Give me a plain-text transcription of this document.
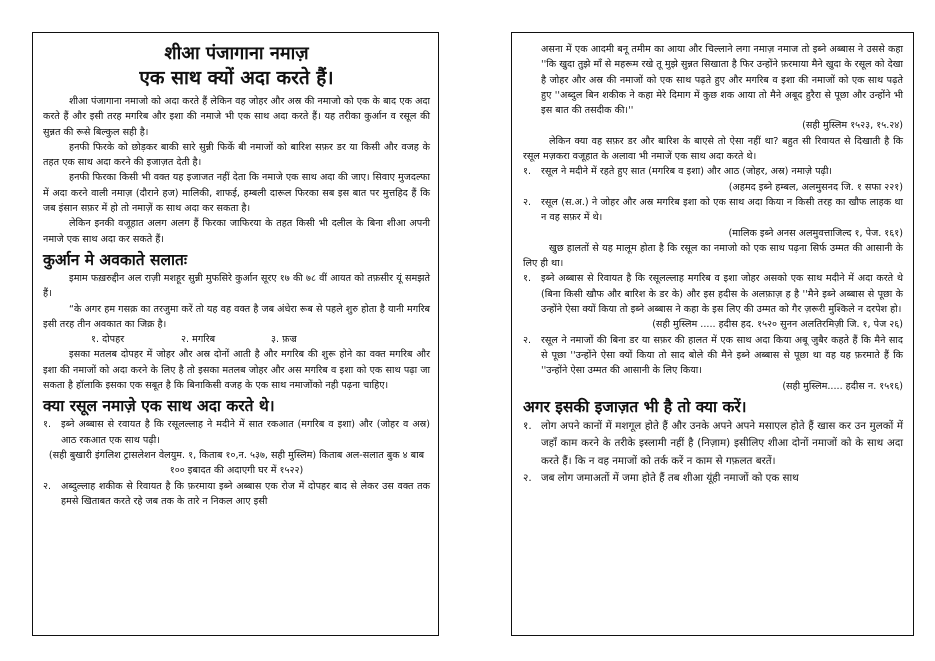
शीआ पंजागाना नमाज़

एक साथ क्यों अदा करते हैं।

शीआ पंजागाना नमाजो को अदा करते हैं लेकिन वह जोहर और अस्र की नमाजो को एक के बाद एक अदा करते हैं और इसी तरह मगरिब और इशा की नमाजे भी एक साथ अदा करते हैं। यह तरीका कुर्आन व रसूल की सुन्नत की रूसे बिल्कुल सही है।

हनफी फिरके को छोड़कर बाकी सारे सुन्नी फिर्के बी नमाजों को बारिश सफ़र डर या किसी और वजह के तहत एक साथ अदा करने की इजाज़त देती है।

हनफी फिरका किसी भी वक्त यह इजाजत नहीं देता कि नमाजे एक साथ अदा की जाए। सिवाए मुजदल्फा में अदा करने वाली नमाज़ (दौराने हज) मालिकी, शाफई, हम्बली दारूल फिरका सब इस बात पर मुत्तहिद हैं कि जब इंसान सफ़र में हो तो नमाज़ें क साथ अदा कर सकता है।

लेकिन इनकी वजूहात अलग अलग हैं फिरका जाफिरया के तहत किसी भी दलील के बिना शीआ अपनी नमाजे एक साथ अदा कर सकते हैं।

कुर्आन मे अवकाते सलातः

इमाम फख़रुद्दीन अल राज़ी मशहूर सुन्नी मुफसिरे कुर्आन सूरए १७ की ७८ वीं आयत को तफ़सीर यूं समझते हैं।

“के अगर हम गसक़ का तरजुमा करें तो यह वह वक्त है जब अंधेरा रूब से पहले शुरु होता है यानी मगरिब इसी तरह तीन अवकात का जिक्र है।

१. दोपहर	२. मगरिब	३. फ़ज्र

इसका मतलब दोपहर में जोहर और अस्र दोनों आती है और मगरिब की शुरू होने का वक्त मगरिब और इशा की नमाजों को अदा करने के लिए है तो इसका मतलब जोहर और अस मगरिब व इशा को एक साथ पढ़ा जा सकता है हॉलाकि इसका एक सबूत है कि बिनाकिसी वजह के एक साथ नमाजोंको नही पढ़ना चाहिए।

क्या रसूल नमाज़े एक साथ अदा करते थे।
१.	इब्ने अब्बास से रवायत है कि रसूलल्लाह ने मदीने में सात रकआत (मगरिब व इशा) और (जोहर व अस्र) आठ रकआत एक साथ पढ़ी।

(सही बुखारी इंगलिश ट्रासलेशन वेलयुम. १, किताब १०,न. ५३७, सही मुस्लिम) किताब अल-सलात बुक ४ बाब १०० इबादत की अदाएगी घर में १५२२)

२.	अब्दुल्लाह शकीक से रिवायत है कि फ़रमाया इब्ने अब्बास एक रोज में दोपहर बाद से लेकर उस वक्त तक हमसे खिताबत करते रहे जब तक के तारे न निकल आए इसी

असना में एक आदमी बनू तमीम का आया और चिल्लाने लगा नमाज़ नमाज तो इब्ने अब्बास ने उससे कहा ''कि खुदा तुझे माँ से महरूम रखे तू मुझे सुन्नत सिखाता है फिर उन्होंने फ़रमाया मैने खुदा के रसूल को देखा है जोहर और अस्र की नमाजों को एक साथ पढ़ते हुए और मगरिब व इशा की नमाजों को एक साथ पढ़ते हुए ''अब्दुल बिन शकीक ने कहा मेरे दिमाग में कुछ शक आया तो मैने अबूद हुरैरा से पूछा और उन्होंने भी इस बात की तसदीक की।''

(सही मुस्लिम १५२३, १५.२४)

लेकिन क्या वह सफ़र डर और बारिश के बाएसे तो ऐसा नहीं था? बहुत सी रिवायत से दिखाती है कि रसूल मज़करा वजूहात के अलावा भी नमाजें एक साथ अदा करते थे।

१.	रसूल ने मदीने में रहते हुए सात (मगरिब व इशा) और आठ (जोहर, अस्र) नमाज़े पढ़ी।

(अहमद इब्ने हम्बल, अलमुसनद जि. १ सफा २२१)

२.	रसूल (स.अ.) ने जोहर और अस्र मगरिब इशा को एक साथ अदा किया न किसी तरह का खौफ लाहक था न वह सफ़र में थे।

(मालिक इब्ने अनस अलमुवत्ताजिल्द १, पेज. १६१)

खुछ हालतों से यह मालूम होता है कि रसूल का नमाजो को एक साथ पढ़ना सिर्फ उम्मत की आसानी के लिए ही था।

१.	इब्ने अब्बास से रिवायत है कि रसूलल्लाह मगरिब व इशा जोहर असको एक साथ मदीने में अदा करते थे (बिना किसी खौफ और बारिश के डर के) और इस हदीस के अलफ़ाज़ ह है ''मैने इब्ने अब्बास से पूछा के उन्होंने ऐसा क्यों किया तो इब्ने अब्बास ने कहा के इस लिए की उम्मत को गैर ज़रूरी मुश्किले न दरपेश हो।

(सही मुस्लिम ..... हदीस हद. १५२० सुनन अलतिरमिज़ी जि. १, पेज २६)

२.	रसूल ने नमाजों की बिना डर या सफ़र की हालत में एक साथ अदा किया अबू जुबैर कहते हैं कि मैने साद से पूछा ''उन्होंने ऐसा क्यों किया तो साद बोले की मैने इब्ने अब्बास से पूछा था वह यह फ़रमाते हैं कि ''उन्होंने ऐसा उम्मत की आसानी के लिए किया।

(सही मुस्लिम..... हदीस न. १५१६)

अगर इसकी इजाज़त भी है तो क्या करें।
१. लोग अपने कानों में मशगूल होते हैं और उनके अपने अपने मसाएल होते हैं खास कर उन मुलकों में जहाँ काम करने के तरीके इस्लामी नहीं है (निज़ाम) इसीलिए शीआ दोनों नमाजों को के साथ अदा करते हैं। कि न वह नमाजों को तर्क करें न काम से गफ़लत बरतें।
२. जब लोग जमाअतों में जमा होते हैं तब शीआ यूंही नमाजों को एक साथ
